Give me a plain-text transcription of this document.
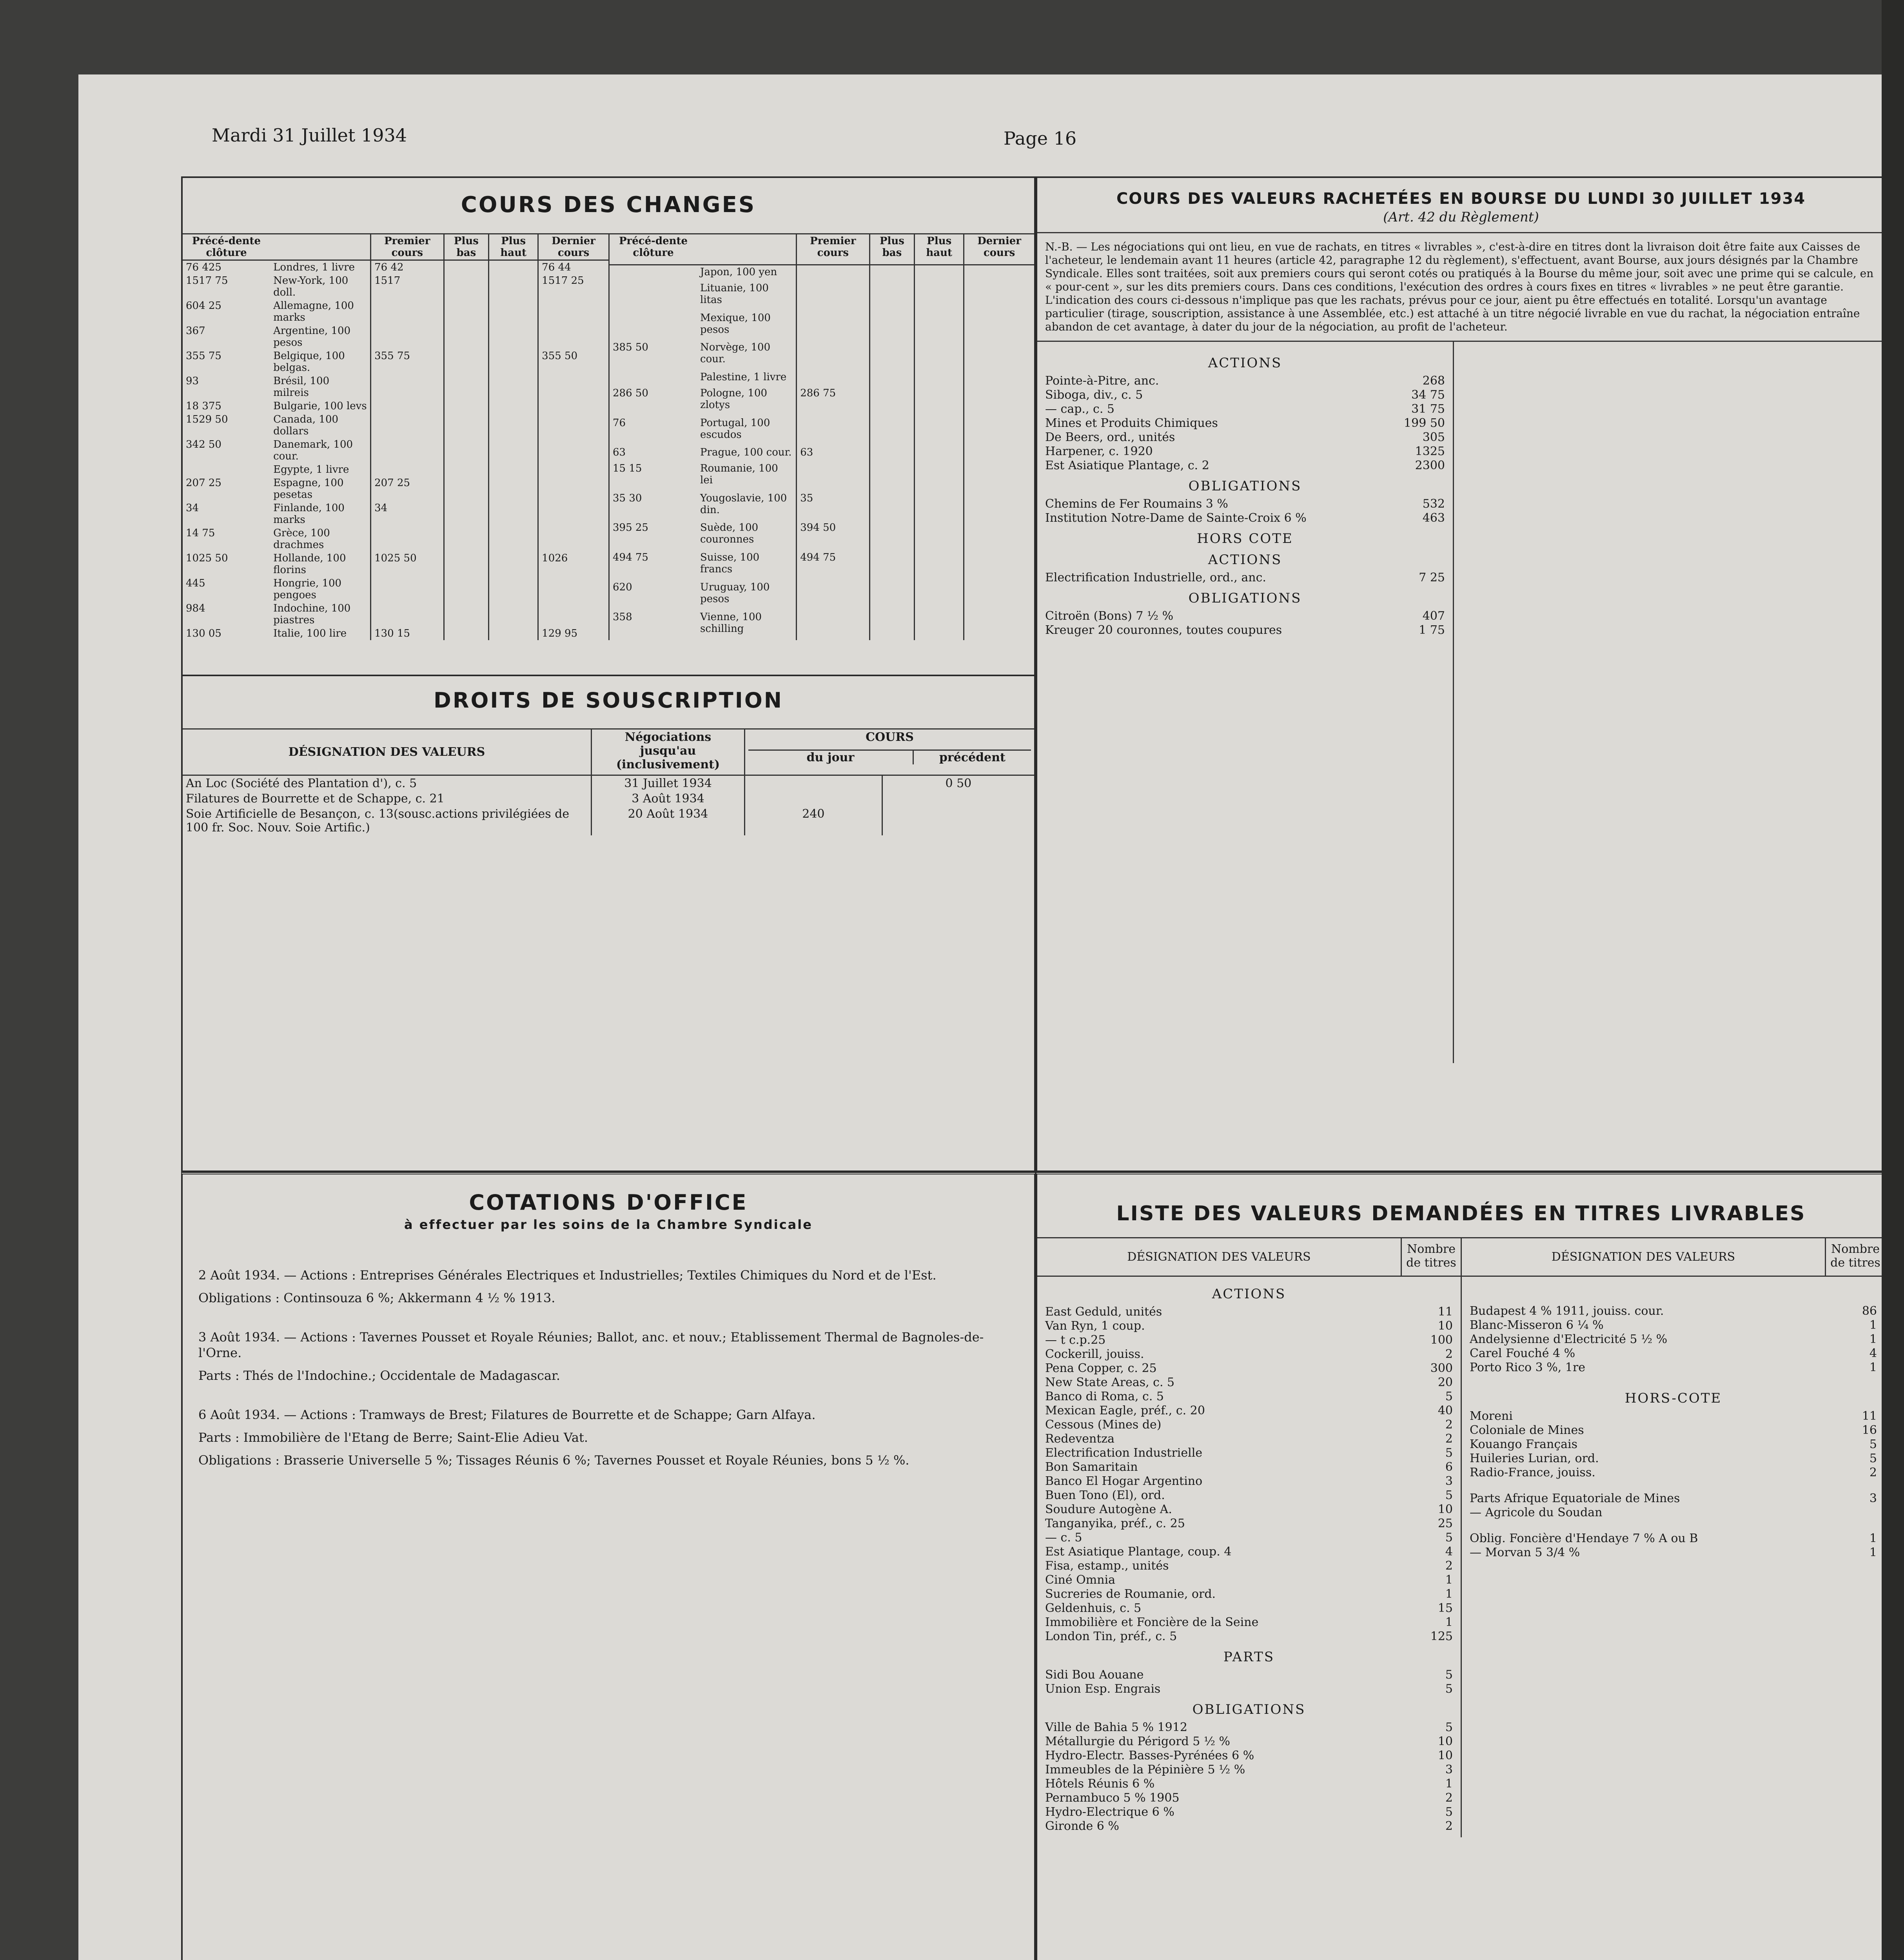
Mardi 31 Juillet 1934	Page 16
COURS DES CHANGES
Précé-dente clôture		Premier cours	Plus bas	Plus haut	Dernier cours
76 425	Londres, 1 livre	76 42			76 44
1517 75	New-York, 100 doll.	1517			1517 25
604 25	Allemagne, 100 marks				
367	Argentine, 100 pesos				
355 75	Belgique, 100 belgas.	355 75			355 50
93	Brésil, 100 milreis				
18 375	Bulgarie, 100 levs				
1529 50	Canada, 100 dollars				
342 50	Danemark, 100 cour.				
	Egypte, 1 livre				
207 25	Espagne, 100 pesetas	207 25			
34	Finlande, 100 marks	34			
14 75	Grèce, 100 drachmes				
1025 50	Hollande, 100 florins	1025 50			1026
445	Hongrie, 100 pengoes				
984	Indochine, 100 piastres				
130 05	Italie, 100 lire	130 15			129 95
Précé-dente clôture		Premier cours	Plus bas	Plus haut	Dernier cours
	Japon, 100 yen				
	Lituanie, 100 litas				
	Mexique, 100 pesos				
385 50	Norvège, 100 cour.				
	Palestine, 1 livre				
286 50	Pologne, 100 zlotys	286 75			
76	Portugal, 100 escudos				
63	Prague, 100 cour.	63			
15 15	Roumanie, 100 lei				
35 30	Yougoslavie, 100 din.	35			
395 25	Suède, 100 couronnes	394 50			
494 75	Suisse, 100 francs	494 75			
620	Uruguay, 100 pesos				
358	Vienne, 100 schilling				
DROITS DE SOUSCRIPTION
DÉSIGNATION DES VALEURS	Négociations jusqu'au (inclusivement)	COURS
du jour précédent	

An Loc (Société des Plantation d'), c. 5	31 Juillet 1934		0 50
Filatures de Bourrette et de Schappe, c. 21	3 Août 1934		
Soie Artificielle de Besançon, c. 13(sousc.actions privilégiées de 100 fr. Soc. Nouv. Soie Artific.)	20 Août 1934	240	
COURS DES VALEURS RACHETÉES EN BOURSE DU LUNDI 30 JUILLET 1934
(Art. 42 du Règlement)
N.-B. — Les négociations qui ont lieu, en vue de rachats, en titres « livrables », c'est-à-dire en titres dont la livraison doit être faite aux Caisses de l'acheteur, le lendemain avant 11 heures (article 42, paragraphe 12 du règlement), s'effectuent, avant Bourse, aux jours désignés par la Chambre Syndicale. Elles sont traitées, soit aux premiers cours qui seront cotés ou pratiqués à la Bourse du même jour, soit avec une prime qui se calcule, en « pour-cent », sur les dits premiers cours. Dans ces conditions, l'exécution des ordres à cours fixes en titres « livrables » ne peut être garantie. L'indication des cours ci-dessous n'implique pas que les rachats, prévus pour ce jour, aient pu être effectués en totalité. Lorsqu'un avantage particulier (tirage, souscription, assistance à une Assemblée, etc.) est attaché à un titre négocié livrable en vue du rachat, la négociation entraîne abandon de cet avantage, à dater du jour de la négociation, au profit de l'acheteur.
ACTIONS
Pointe-à-Pitre, anc.	268
Siboga, div., c. 5	34 75
— cap., c. 5	31 75
Mines et Produits Chimiques	199 50
De Beers, ord., unités	305
Harpener, c. 1920	1325
Est Asiatique Plantage, c. 2	2300
OBLIGATIONS
Chemins de Fer Roumains 3 %	532
Institution Notre-Dame de Sainte-Croix 6 %	463
HORS COTE
ACTIONS
Electrification Industrielle, ord., anc.	7 25
OBLIGATIONS
Citroën (Bons) 7 ½ %	407
Kreuger 20 couronnes, toutes coupures	1 75
COTATIONS D'OFFICE
à effectuer par les soins de la Chambre Syndicale

2 Août 1934. — Actions : Entreprises Générales Electriques et Industrielles; Textiles Chimiques du Nord et de l'Est.

Obligations : Continsouza 6 %; Akkermann 4 ½ % 1913.

3 Août 1934. — Actions : Tavernes Pousset et Royale Réunies; Ballot, anc. et nouv.; Etablissement Thermal de Bagnoles-de-l'Orne.

Parts : Thés de l'Indochine.; Occidentale de Madagascar.

6 Août 1934. — Actions : Tramways de Brest; Filatures de Bourrette et de Schappe; Garn Alfaya.

Parts : Immobilière de l'Etang de Berre; Saint-Elie Adieu Vat.

Obligations : Brasserie Universelle 5 %; Tissages Réunis 6 %; Tavernes Pousset et Royale Réunies, bons 5 ½ %.

LISTE DES VALEURS DEMANDÉES EN TITRES LIVRABLES
DÉSIGNATION DES VALEURS
Nombre de titres
ACTIONS
East Geduld, unités	11
Van Ryn, 1 coup.	10
— t c.p.25	100
Cockerill, jouiss.	2
Pena Copper, c. 25	300
New State Areas, c. 5	20
Banco di Roma, c. 5	5
Mexican Eagle, préf., c. 20	40
Cessous (Mines de)	2
Redeventza	2
Electrification Industrielle	5
Bon Samaritain	6
Banco El Hogar Argentino	3
Buen Tono (El), ord.	5
Soudure Autogène A.	10
Tanganyika, préf., c. 25	25
— c. 5	5
Est Asiatique Plantage, coup. 4	4
Fisa, estamp., unités	2
Ciné Omnia	1
Sucreries de Roumanie, ord.	1
Geldenhuis, c. 5	15
Immobilière et Foncière de la Seine	1
London Tin, préf., c. 5	125
PARTS
Sidi Bou Aouane	5
Union Esp. Engrais	5
OBLIGATIONS
Ville de Bahia 5 % 1912	5
Métallurgie du Périgord 5 ½ %	10
Hydro-Electr. Basses-Pyrénées 6 %	10
Immeubles de la Pépinière 5 ½ %	3
Hôtels Réunis 6 %	1
Pernambuco 5 % 1905	2
Hydro-Electrique 6 %	5
Gironde 6 %	2
DÉSIGNATION DES VALEURS
Nombre de titres
Budapest 4 % 1911, jouiss. cour.	86
Blanc-Misseron 6 ¼ %	1
Andelysienne d'Electricité 5 ½ %	1
Carel Fouché 4 %	4
Porto Rico 3 %, 1re	1
HORS-COTE
Moreni	11
Coloniale de Mines	16
Kouango Français	5
Huileries Lurian, ord.	5
Radio-France, jouiss.	2
Parts Afrique Equatoriale de Mines	3
— Agricole du Soudan
Oblig. Foncière d'Hendaye 7 % A ou B	1
— Morvan 5 3/4 %	1
